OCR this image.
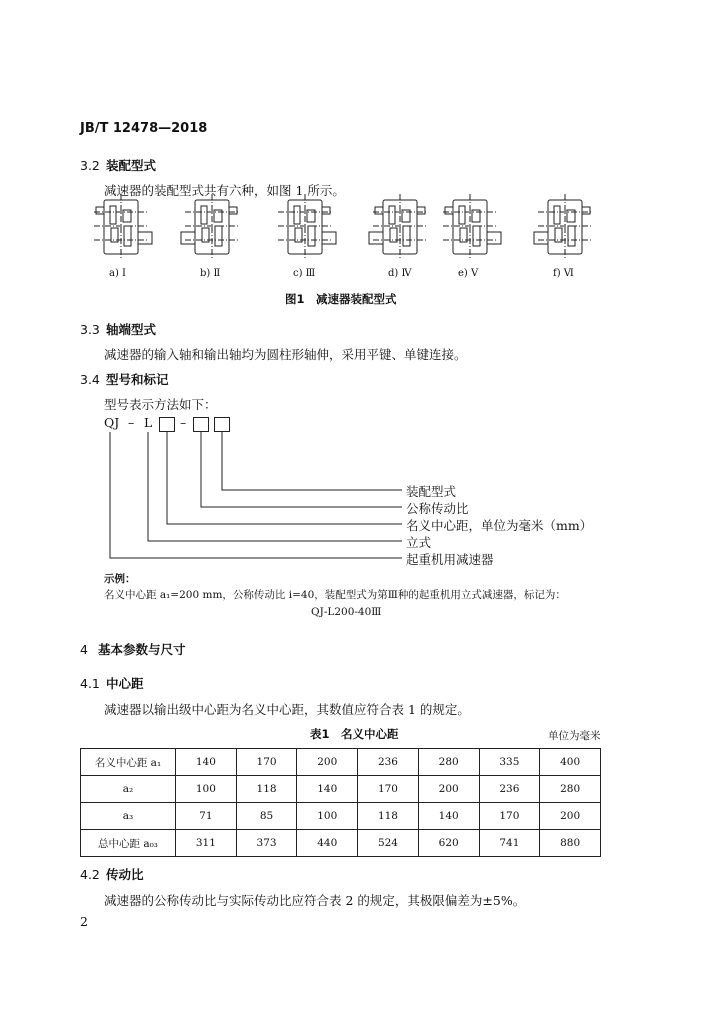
JB/T 12478—2018
3.2 装配型式
减速器的装配型式共有六种，如图 1 所示。
a) Ⅰ	b) Ⅱ	c) Ⅲ	d) Ⅳ	e) Ⅴ	f) Ⅵ
图1　减速器装配型式
3.3 轴端型式
减速器的输入轴和输出轴均为圆柱形轴伸，采用平键、单键连接。
3.4 型号和标记
型号表示方法如下：
QJ – L –
装配型式
公称传动比
名义中心距，单位为毫米（mm）
立式
起重机用减速器
示例：
名义中心距 a₁=200 mm，公称传动比 i=40，装配型式为第Ⅲ种的起重机用立式减速器，标记为：
QJ-L200-40Ⅲ
4 基本参数与尺寸
4.1 中心距
减速器以输出级中心距为名义中心距，其数值应符合表 1 的规定。
表1　名义中心距	单位为毫米
名义中心距 a₁	140	170	200	236	280	335	400
a₂	100	118	140	170	200	236	280
a₃	71	85	100	118	140	170	200
总中心距 a₀₃	311	373	440	524	620	741	880
4.2 传动比
减速器的公称传动比与实际传动比应符合表 2 的规定，其极限偏差为±5%。
2
